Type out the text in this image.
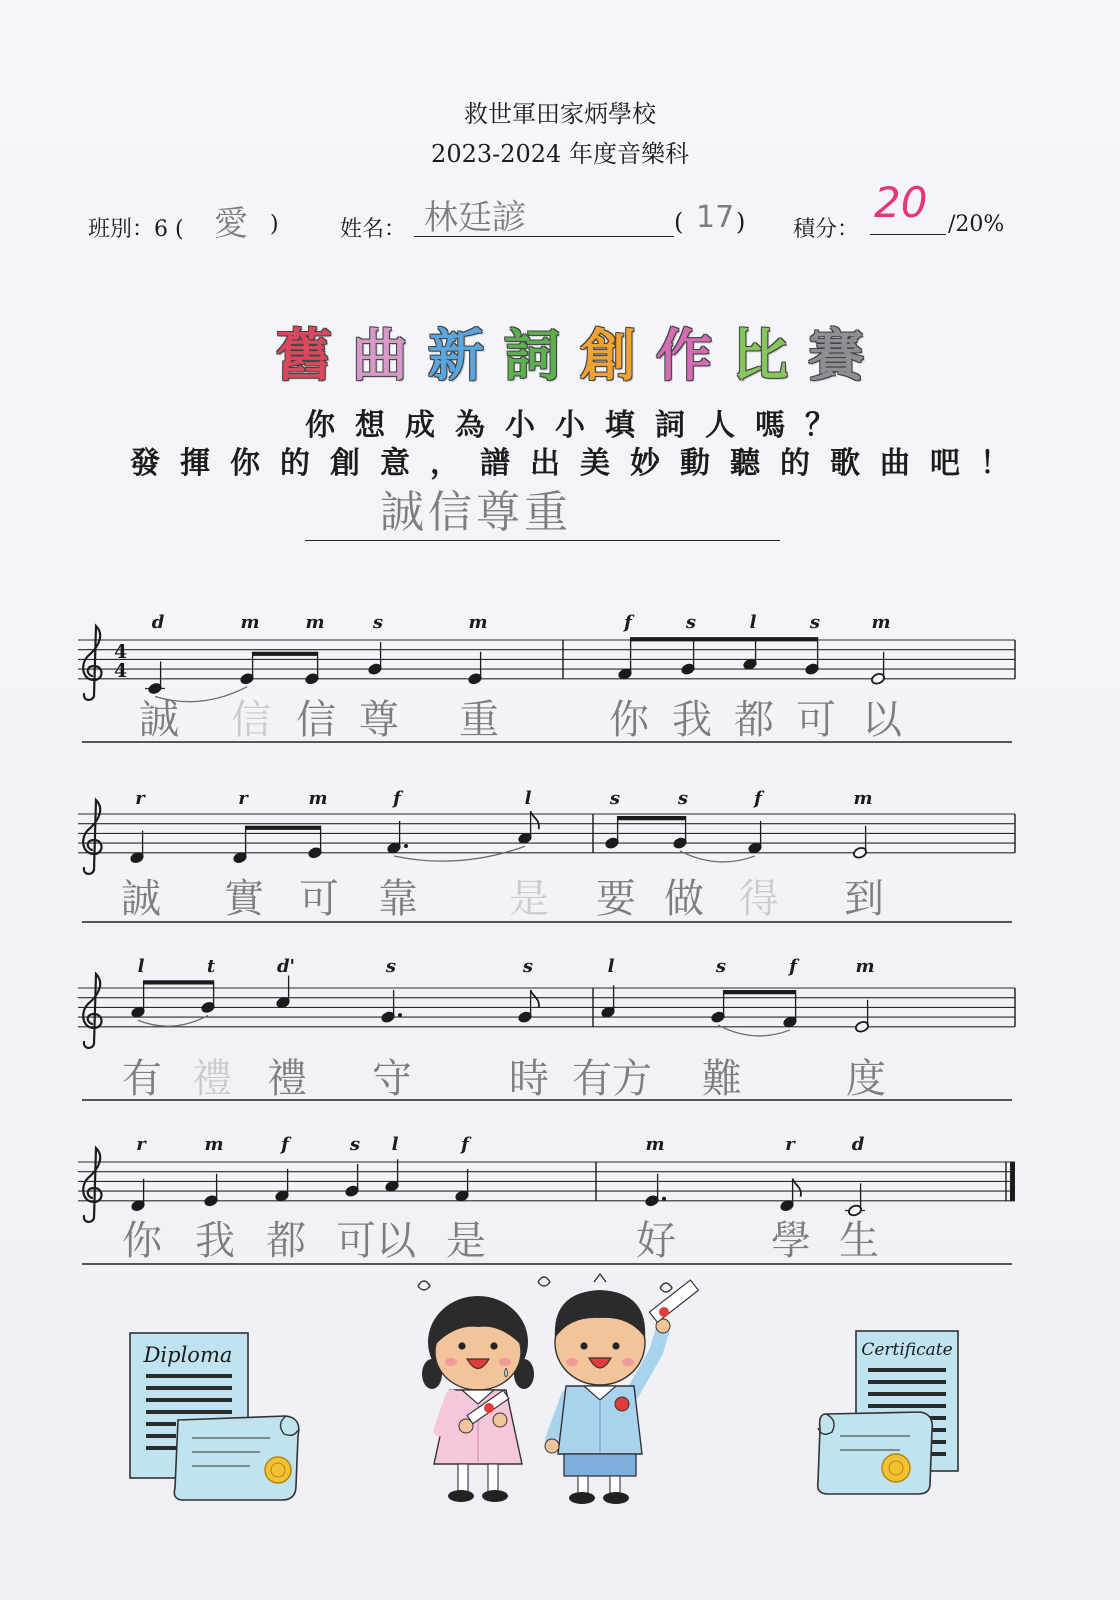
救世軍田家炳學校
2023-2024 年度音樂科
班別：6 ( 愛 )	姓名： 林廷諺	( 17 ) 積分：
20 /20%
舊曲新詞創作比賽
你想成為小小填詞人嗎？
發揮你的創意，譜出美妙動聽的歌曲吧！
誠信尊重
Diploma	Certificate
4
4
d
誠
m
信
m
信
s
尊
m
重
f
你
s
我
l
都
s
可
m
以
r
誠
r
實
m
可
f
靠
l
是
s
要
s
做
f
得
m
到
l
有
t
禮
d'
禮
s
守
s
時
l
有方
s
難
f	m
度
r
你
m
我
f
都
s
可
l
以
f
是
m
好
r
學
d
生
